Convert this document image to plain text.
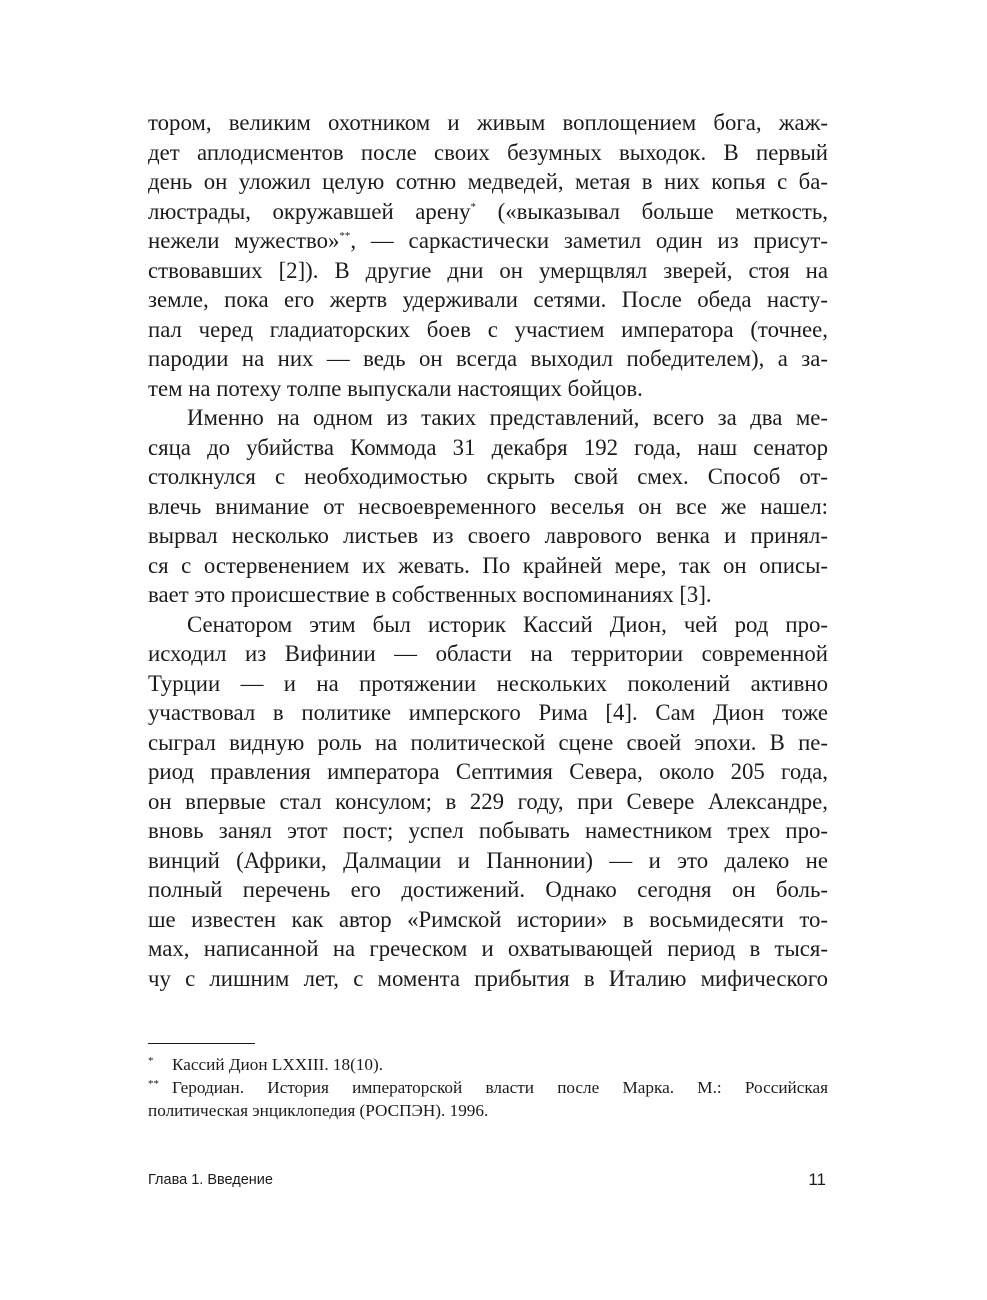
тором, великим охотником и живым воплощением бога, жаж-
дет аплодисментов после своих безумных выходок. В первый
день он уложил целую сотню медведей, метая в них копья с ба-
люстрады, окружавшей арену* («выказывал больше меткость,
нежели мужество»**, — саркастически заметил один из присут-
ствовавших [2]). В другие дни он умерщвлял зверей, стоя на
земле, пока его жертв удерживали сетями. После обеда насту-
пал черед гладиаторских боев с участием императора (точнее,
пародии на них — ведь он всегда выходил победителем), а за-
тем на потеху толпе выпускали настоящих бойцов.
Именно на одном из таких представлений, всего за два ме-
сяца до убийства Коммода 31 декабря 192 года, наш сенатор
столкнулся с необходимостью скрыть свой смех. Способ от-
влечь внимание от несвоевременного веселья он все же нашел:
вырвал несколько листьев из своего лаврового венка и принял-
ся с остервенением их жевать. По крайней мере, так он описы-
вает это происшествие в собственных воспоминаниях [3].
Сенатором этим был историк Кассий Дион, чей род про-
исходил из Вифинии — области на территории современной
Турции — и на протяжении нескольких поколений активно
участвовал в политике имперского Рима [4]. Сам Дион тоже
сыграл видную роль на политической сцене своей эпохи. В пе-
риод правления императора Септимия Севера, около 205 года,
он впервые стал консулом; в 229 году, при Севере Александре,
вновь занял этот пост; успел побывать наместником трех про-
винций (Африки, Далмации и Паннонии) — и это далеко не
полный перечень его достижений. Однако сегодня он боль-
ше известен как автор «Римской истории» в восьмидесяти то-
мах, написанной на греческом и охватывающей период в тыся-
чу с лишним лет, с момента прибытия в Италию мифического
* Кассий Дион LXXIII. 18(10).
** Геродиан. История императорской власти после Марка. М.: Российская
политическая энциклопедия (РОСПЭН). 1996.
Глава 1. Введение	11
